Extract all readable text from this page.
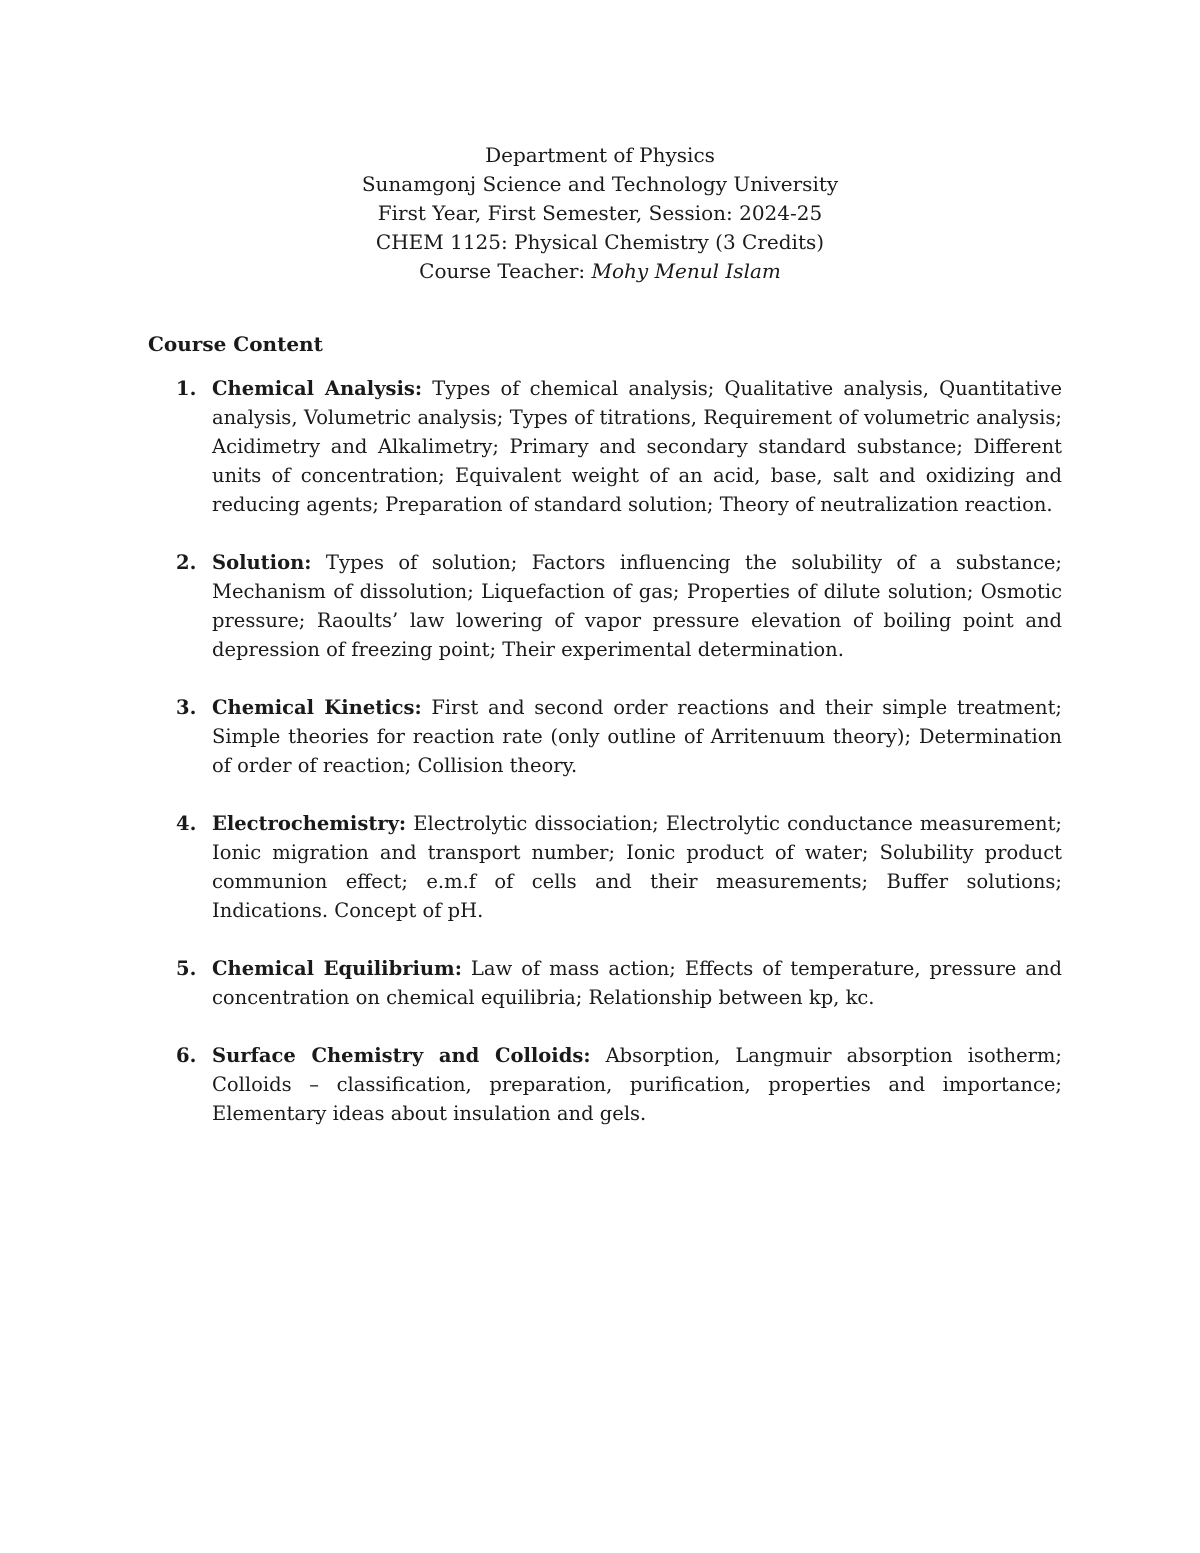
Department of Physics
Sunamgonj Science and Technology University
First Year, First Semester, Session: 2024-25
CHEM 1125: Physical Chemistry (3 Credits)
Course Teacher: Mohy Menul Islam
Course Content
1. Chemical Analysis: Types of chemical analysis; Qualitative analysis, Quantitative analysis, Volumetric analysis; Types of titrations, Requirement of volumetric analysis; Acidimetry and Alkalimetry; Primary and secondary standard substance; Different units of concentration; Equivalent weight of an acid, base, salt and oxidizing and reducing agents; Preparation of standard solution; Theory of neutralization reaction.
2. Solution: Types of solution; Factors influencing the solubility of a substance; Mechanism of dissolution; Liquefaction of gas; Properties of dilute solution; Osmotic pressure; Raoults’ law lowering of vapor pressure elevation of boiling point and depression of freezing point; Their experimental determination.
3. Chemical Kinetics: First and second order reactions and their simple treatment; Simple theories for reaction rate (only outline of Arritenuum theory); Determination of order of reaction; Collision theory.
4. Electrochemistry: Electrolytic dissociation; Electrolytic conductance measurement; Ionic migration and transport number; Ionic product of water; Solubility product communion effect; e.m.f of cells and their measurements; Buffer solutions; Indications. Concept of pH.
5. Chemical Equilibrium: Law of mass action; Effects of temperature, pressure and concentration on chemical equilibria; Relationship between kp, kc.
6. Surface Chemistry and Colloids: Absorption, Langmuir absorption isotherm; Colloids – classification, preparation, purification, properties and importance; Elementary ideas about insulation and gels.
